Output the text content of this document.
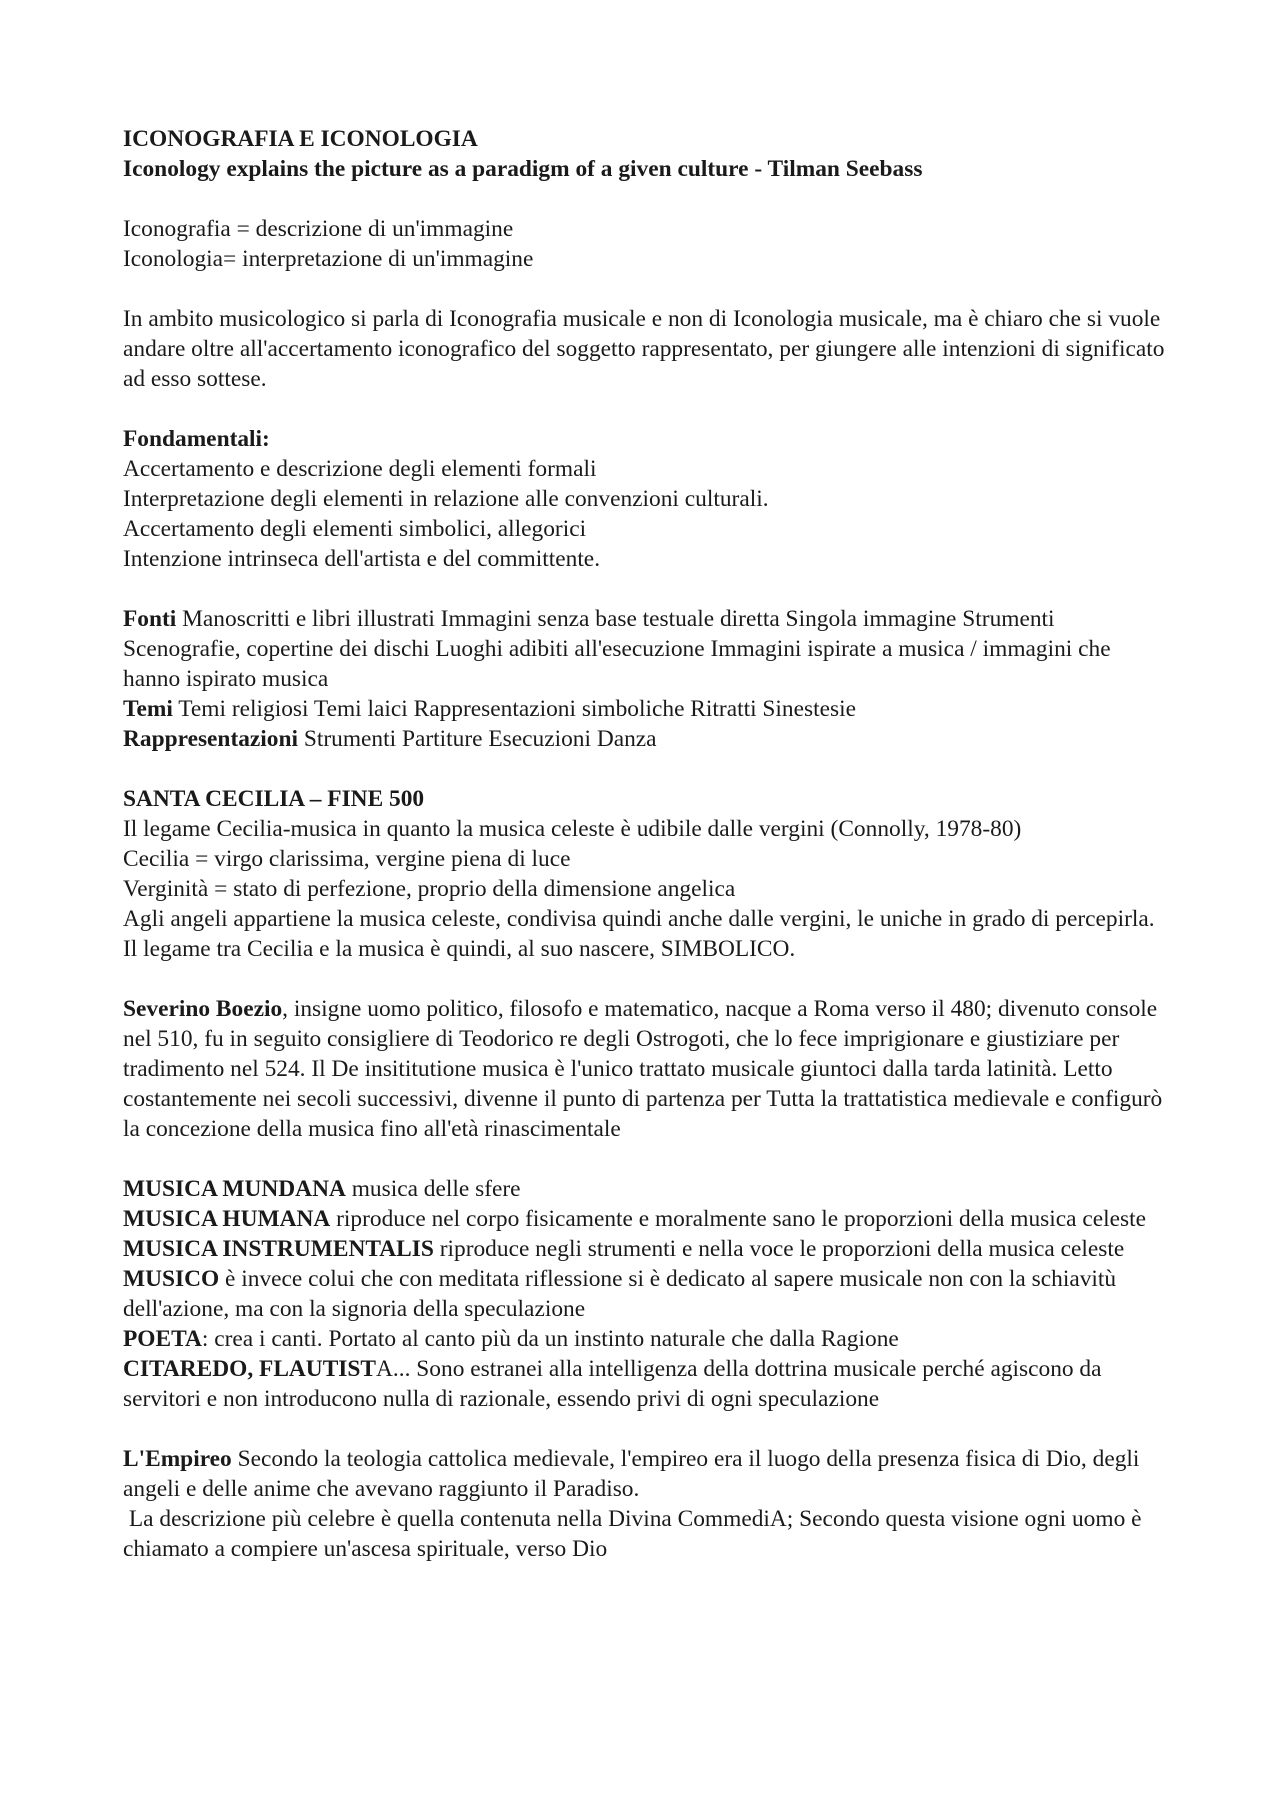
ICONOGRAFIA E ICONOLOGIA

Iconology explains the picture as a paradigm of a given culture - Tilman Seebass

Iconografia = descrizione di un'immagine

Iconologia= interpretazione di un'immagine

In ambito musicologico si parla di Iconografia musicale e non di Iconologia musicale, ma è chiaro che si vuole andare oltre all'accertamento iconografico del soggetto rappresentato, per giungere alle intenzioni di significato ad esso sottese.

Fondamentali:

Accertamento e descrizione degli elementi formali

Interpretazione degli elementi in relazione alle convenzioni culturali.

Accertamento degli elementi simbolici, allegorici

Intenzione intrinseca dell'artista e del committente.

Fonti Manoscritti e libri illustrati Immagini senza base testuale diretta Singola immagine Strumenti Scenografie, copertine dei dischi Luoghi adibiti all'esecuzione Immagini ispirate a musica / immagini che hanno ispirato musica

Temi Temi religiosi Temi laici Rappresentazioni simboliche Ritratti Sinestesie

Rappresentazioni Strumenti Partiture Esecuzioni Danza

SANTA CECILIA – FINE 500

Il legame Cecilia-musica in quanto la musica celeste è udibile dalle vergini (Connolly, 1978-80)

Cecilia = virgo clarissima, vergine piena di luce

Verginità = stato di perfezione, proprio della dimensione angelica

Agli angeli appartiene la musica celeste, condivisa quindi anche dalle vergini, le uniche in grado di percepirla.

Il legame tra Cecilia e la musica è quindi, al suo nascere, SIMBOLICO.

Severino Boezio, insigne uomo politico, filosofo e matematico, nacque a Roma verso il 480; divenuto console nel 510, fu in seguito consigliere di Teodorico re degli Ostrogoti, che lo fece imprigionare e giustiziare per tradimento nel 524. Il De insititutione musica è l'unico trattato musicale giuntoci dalla tarda latinità. Letto costantemente nei secoli successivi, divenne il punto di partenza per Tutta la trattatistica medievale e configurò la concezione della musica fino all'età rinascimentale

MUSICA MUNDANA musica delle sfere

MUSICA HUMANA riproduce nel corpo fisicamente e moralmente sano le proporzioni della musica celeste

MUSICA INSTRUMENTALIS riproduce negli strumenti e nella voce le proporzioni della musica celeste

MUSICO è invece colui che con meditata riflessione si è dedicato al sapere musicale non con la schiavitù dell'azione, ma con la signoria della speculazione

POETA: crea i canti. Portato al canto più da un instinto naturale che dalla Ragione

CITAREDO, FLAUTISTA... Sono estranei alla intelligenza della dottrina musicale perché agiscono da servitori e non introducono nulla di razionale, essendo privi di ogni speculazione

L'Empireo Secondo la teologia cattolica medievale, l'empireo era il luogo della presenza fisica di Dio, degli angeli e delle anime che avevano raggiunto il Paradiso.

La descrizione più celebre è quella contenuta nella Divina CommediA; Secondo questa visione ogni uomo è chiamato a compiere un'ascesa spirituale, verso Dio
